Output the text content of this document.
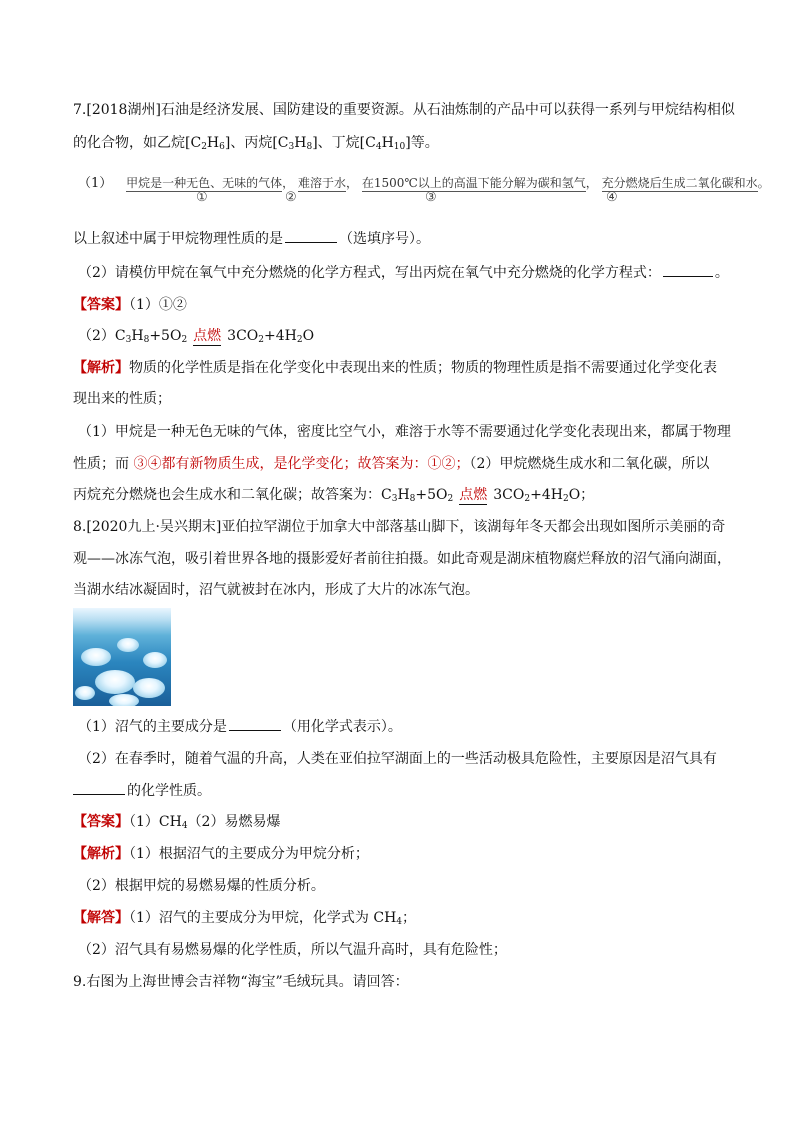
7.[2018湖州]石油是经济发展、国防建设的重要资源。从石油炼制的产品中可以获得一系列与甲烷结构相似
的化合物，如乙烷$[C_2H_6]$、丙烷$[C_3H_8]$、丁烷$[C_4H_{10}]$等。
（1） 甲烷是一种无色、无味的气体， 难溶于水， 在1500℃以上的高温下能分解为碳和氢气， 充分燃烧后生成二氧化碳和水。
①	②	③	④
以上叙述中属于甲烷物理性质的是	（选填序号）。
（2）请模仿甲烷在氧气中充分燃烧的化学方程式，写出丙烷在氧气中充分燃烧的化学方程式：	。
【答案】（1）①②
$(2)C_3H_8+5O_2$ 点燃 $3CO_2+4H_2O$
【解析】物质的化学性质是指在化学变化中表现出来的性质；物质的物理性质是指不需要通过化学变化表
现出来的性质；
（1）甲烷是一种无色无味的气体，密度比空气小，难溶于水等不需要通过化学变化表现出来，都属于物理
性质；而 ③④都有新物质生成，是化学变化；故答案为：①②；（2）甲烷燃烧生成水和二氧化碳，所以
丙烷充分燃烧也会生成水和二氧化碳；故答案为：$C_3H_8+5O_2$ 点燃 $3CO_2+4H_2O$；
8.[2020九上·吴兴期末]亚伯拉罕湖位于加拿大中部落基山脚下，该湖每年冬天都会出现如图所示美丽的奇
观——冰冻气泡，吸引着世界各地的摄影爱好者前往拍摄。如此奇观是湖床植物腐烂释放的沼气涌向湖面，
当湖水结冰凝固时，沼气就被封在冰内，形成了大片的冰冻气泡。
（1）沼气的主要成分是	（用化学式表示）。
（2）在春季时，随着气温的升高，人类在亚伯拉罕湖面上的一些活动极具危险性，主要原因是沼气具有
的化学性质。
【答案】$(1)CH_4(2)$易燃易爆
【解析】（1）根据沼气的主要成分为甲烷分析；
（2）根据甲烷的易燃易爆的性质分析。
【解答】（1）沼气的主要成分为甲烷，化学式为 $CH_4$；
（2）沼气具有易燃易爆的化学性质，所以气温升高时，具有危险性；
9.右图为上海世博会吉祥物“海宝”毛绒玩具。请回答：
